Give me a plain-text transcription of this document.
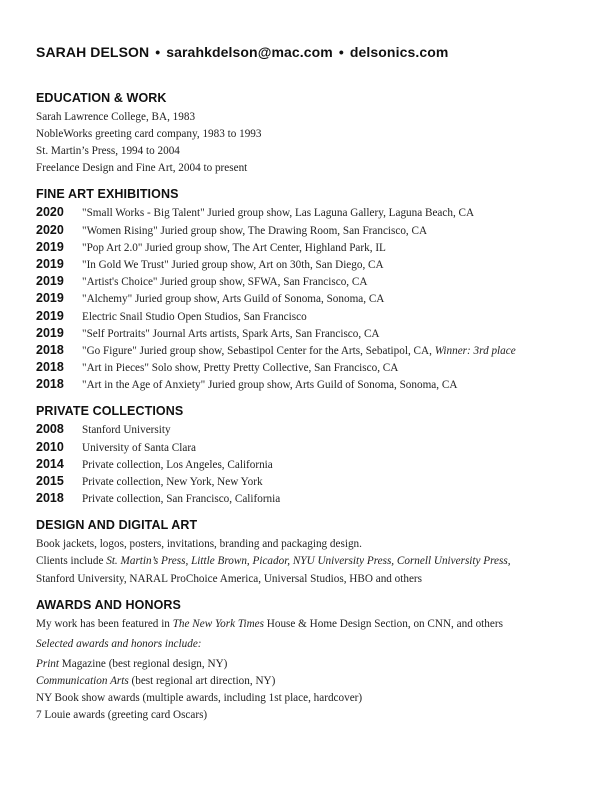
SARAH DELSON • sarahkdelson@mac.com • delsonics.com
EDUCATION & WORK
Sarah Lawrence College, BA, 1983
NobleWorks greeting card company, 1983 to 1993
St. Martin’s Press, 1994 to 2004
Freelance Design and Fine Art, 2004 to present
FINE ART EXHIBITIONS
2020	"Small Works - Big Talent" Juried group show, Las Laguna Gallery, Laguna Beach, CA
2020	"Women Rising" Juried group show, The Drawing Room, San Francisco, CA
2019	"Pop Art 2.0" Juried group show, The Art Center, Highland Park, IL
2019	"In Gold We Trust" Juried group show, Art on 30th, San Diego, CA
2019	"Artist's Choice" Juried group show, SFWA, San Francisco, CA
2019	"Alchemy" Juried group show, Arts Guild of Sonoma, Sonoma, CA
2019	Electric Snail Studio Open Studios, San Francisco
2019	"Self Portraits" Journal Arts artists, Spark Arts, San Francisco, CA
2018	"Go Figure" Juried group show, Sebastipol Center for the Arts, Sebatipol, CA, Winner: 3rd place
2018	"Art in Pieces" Solo show, Pretty Pretty Collective, San Francisco, CA
2018	"Art in the Age of Anxiety" Juried group show, Arts Guild of Sonoma, Sonoma, CA
PRIVATE COLLECTIONS
2008	Stanford University
2010	University of Santa Clara
2014	Private collection, Los Angeles, California
2015	Private collection, New York, New York
2018	Private collection, San Francisco, California
DESIGN AND DIGITAL ART
Book jackets, logos, posters, invitations, branding and packaging design.
Clients include St. Martin’s Press, Little Brown, Picador, NYU University Press, Cornell University Press,
Stanford University, NARAL ProChoice America, Universal Studios, HBO and others
AWARDS AND HONORS
My work has been featured in The New York Times House & Home Design Section, on CNN, and others
Selected awards and honors include:
Print Magazine (best regional design, NY)
Communication Arts (best regional art direction, NY)
NY Book show awards (multiple awards, including 1st place, hardcover)
7 Louie awards (greeting card Oscars)
